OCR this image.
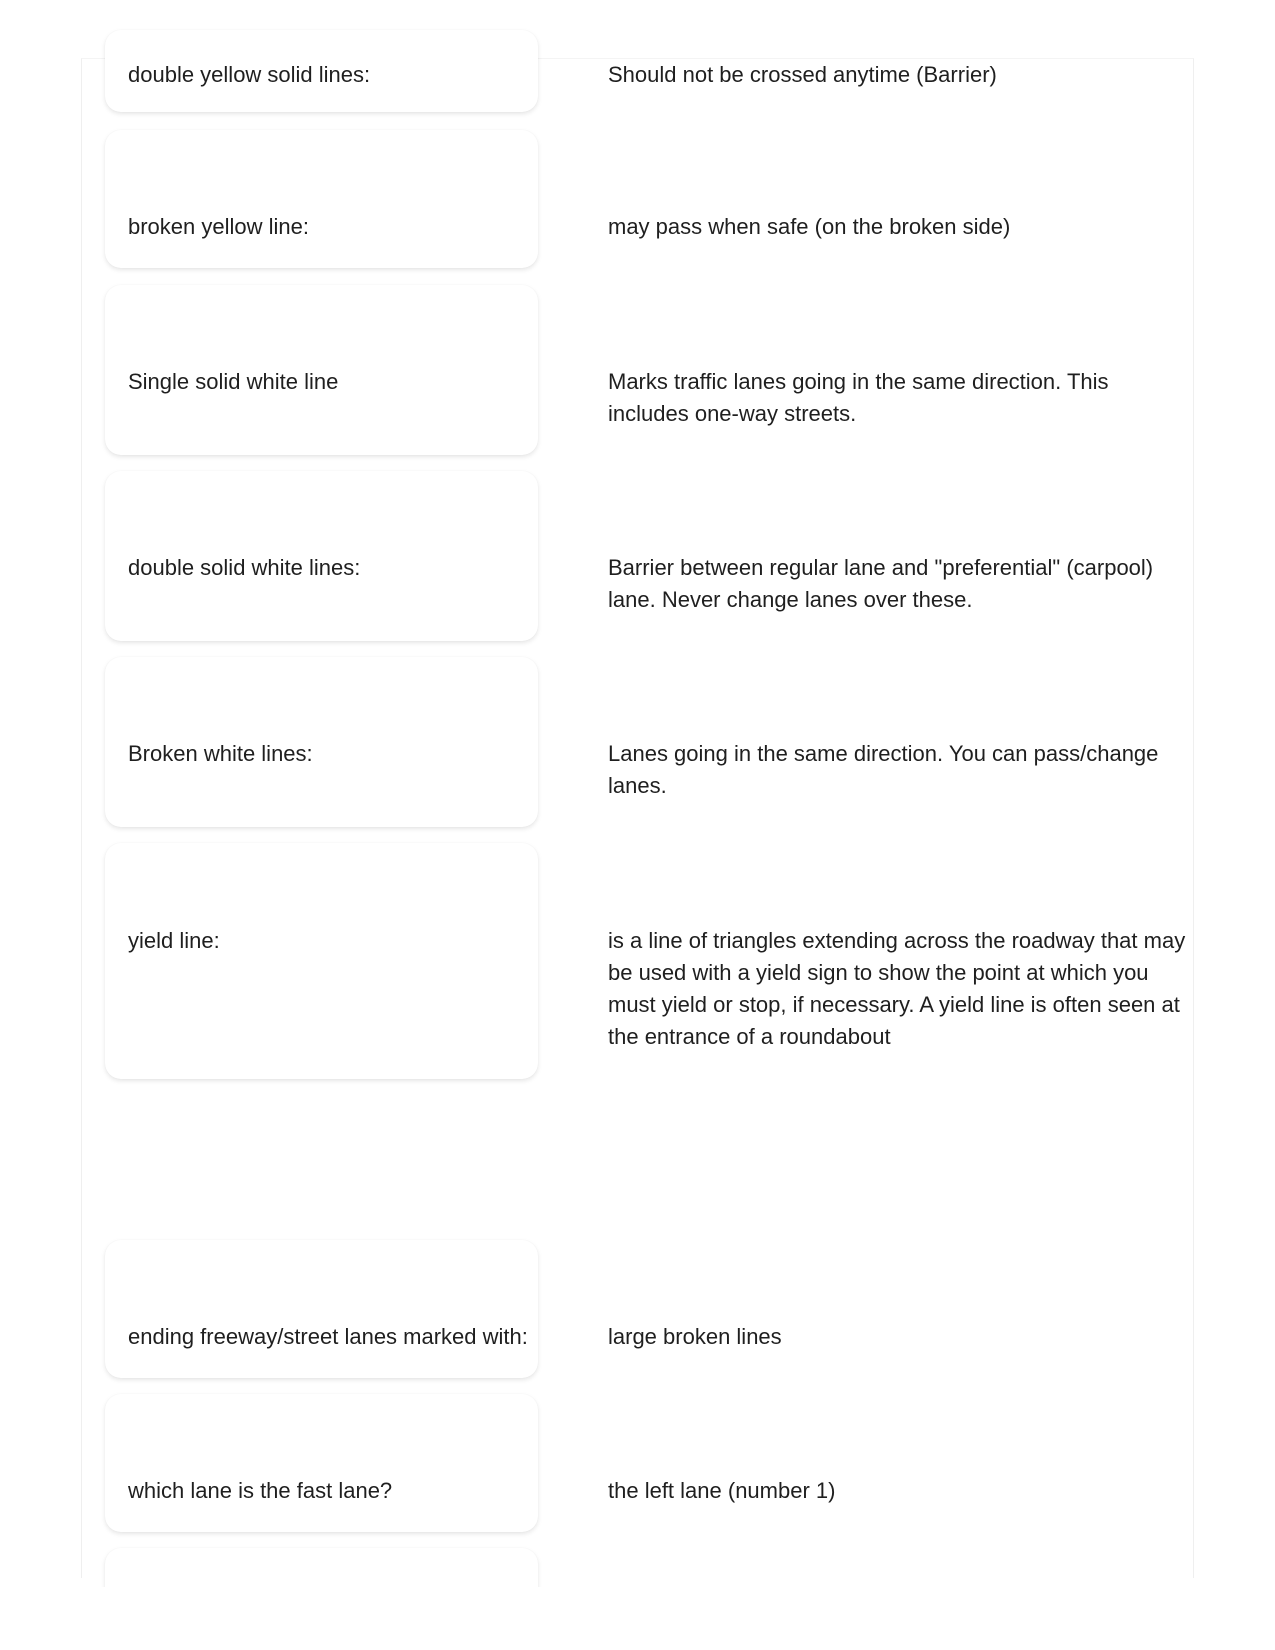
double yellow solid lines:	Should not be crossed anytime (Barrier)
broken yellow line:	may pass when safe (on the broken side)
Single solid white line	Marks traffic lanes going in the same direction. This includes one-way streets.
double solid white lines:	Barrier between regular lane and "preferential" (carpool) lane. Never change lanes over these.
Broken white lines:	Lanes going in the same direction. You can pass/change lanes.
yield line:	is a line of triangles extending across the roadway that may be used with a yield sign to show the point at which you must yield or stop, if necessary. A yield line is often seen at the entrance of a roundabout
ending freeway/street lanes marked with:	large broken lines
which lane is the fast lane?	the left lane (number 1)
